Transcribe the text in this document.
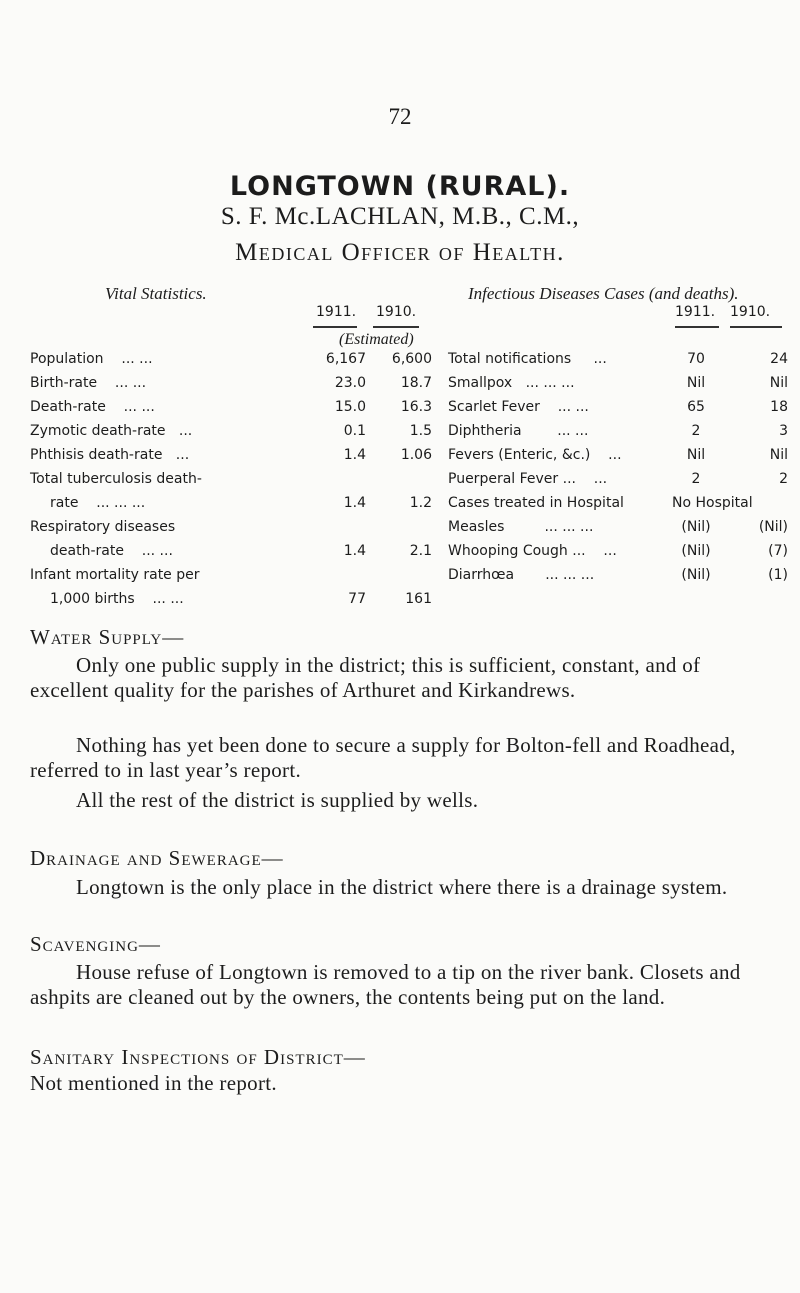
72
LONGTOWN (RURAL).
S. F. Mc.LACHLAN, M.B., C.M.,
Medical Officer of Health.
Vital Statistics.
1911. 1910.
(Estimated)
Infectious Diseases Cases (and deaths).
1911. 1910.
Population ... ...	6,167	6,600
Birth-rate ... ...	23.0	18.7
Death-rate ... ...	15.0	16.3
Zymotic death-rate ...	0.1	1.5
Phthisis death-rate ...	1.4	1.06
Total tuberculosis death-
rate ... ... ...	1.4	1.2
Respiratory diseases
death-rate ... ...	1.4	2.1
Infant mortality rate per
1,000 births ... ...	77	161
Total notifications ...	70	24
Smallpox ... ... ...	Nil	Nil
Scarlet Fever ... ...	65	18
Diphtheria	... ...	2	3
Fevers (Enteric, &c.) ...	Nil	Nil
Puerperal Fever ... ...	2	2
Cases treated in Hospital	No Hospital
Measles	... ... ...	(Nil)	(Nil)
Whooping Cough ... ...	(Nil)	(7)
Diarrhœa ... ... ...	(Nil)	(1)
Water Supply—
Only one public supply in the district; this is sufficient, constant, and of excellent quality for the parishes of Arthuret and Kirkandrews.
Nothing has yet been done to secure a supply for Bolton-fell and Roadhead, referred to in last year’s report.
All the rest of the district is supplied by wells.
Drainage and Sewerage—
Longtown is the only place in the district where there is a drainage system.
Scavenging—
House refuse of Longtown is removed to a tip on the river bank. Closets and ashpits are cleaned out by the owners, the contents being put on the land.
Sanitary Inspections of District—
Not mentioned in the report.
